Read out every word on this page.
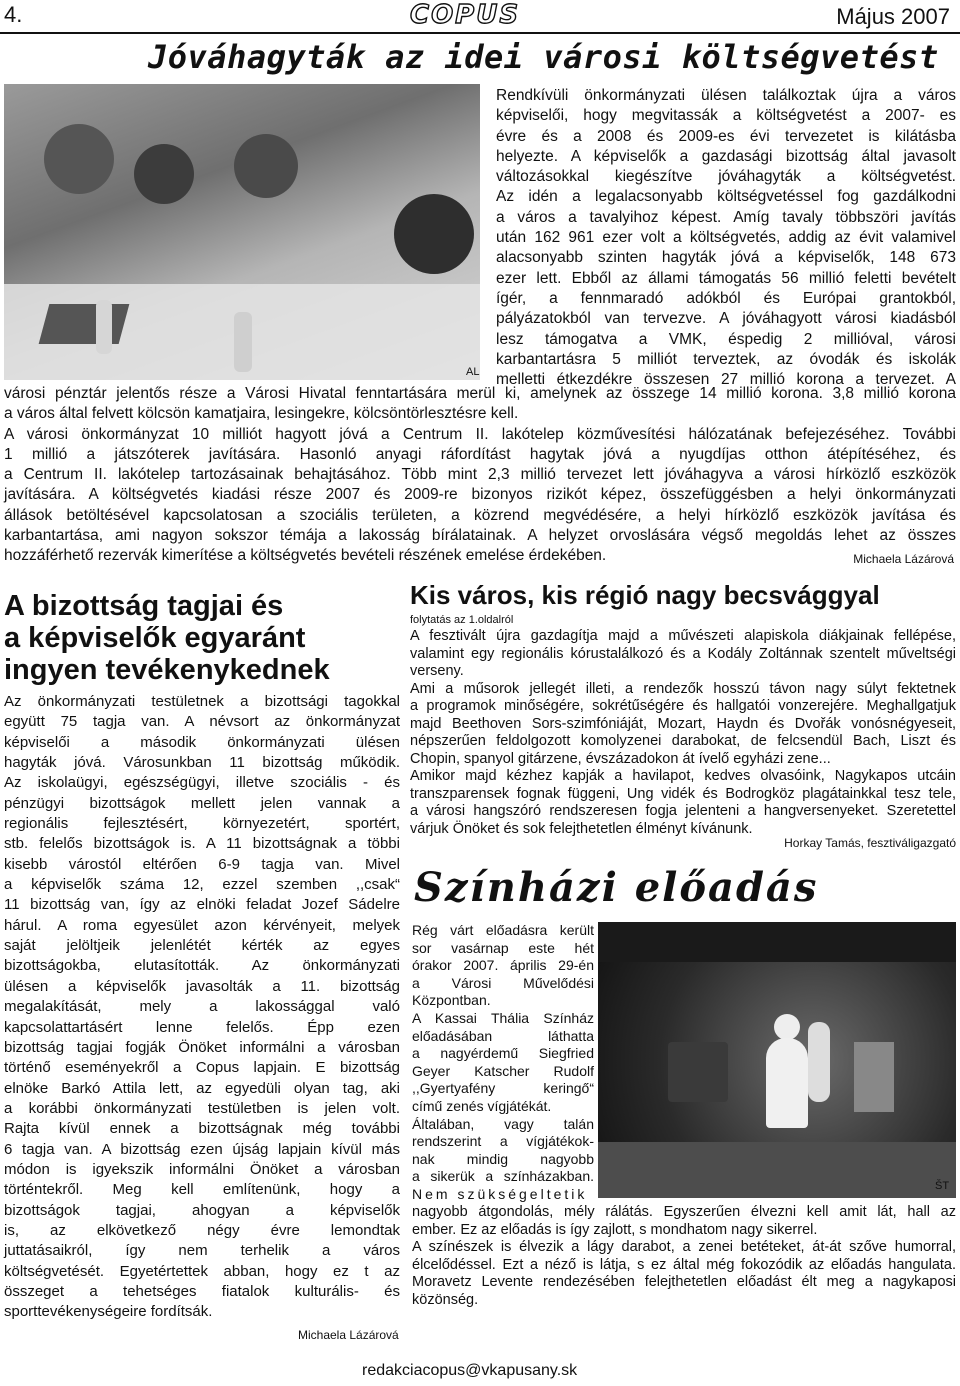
4.	COPUS	Május 2007
Jóváhagyták az idei városi költségvetést
AL

Rendkívüli önkormányzati ülésen találkoztak újra a város

képviselői, hogy megvitassák a költségvetést a 2007- es

évre és a 2008 és 2009-es évi tervezetet is kilátásba

helyezte. A képviselők a gazdasági bizottság által javasolt

változásokkal kiegészítve jóváhagyták a költségvetést.

Az idén a legalacsonyabb költségvetéssel fog gazdálkodni

a város a tavalyihoz képest. Amíg tavaly többszöri javítás

után 162 961 ezer volt a költségvetés, addig az évit valamivel

alacsonyabb szinten hagyták jóvá a képviselők, 148 673

ezer lett. Ebből az állami támogatás 56 millió feletti bevételt

ígér, a fennmaradó adókból és Európai grantokból,

pályázatokból van tervezve. A jóváhagyott városi kiadásból

lesz támogatva a VMK, éspedig 2 millióval, városi

karbantartásra 5 milliót terveztek, az óvodák és iskolák

melletti étkezdékre összesen 27 millió korona a tervezet. A

városi pénztár jelentős része a Városi Hivatal fenntartására merül ki, amelynek az összege 14 millió korona. 3,8 millió korona

a város által felvett kölcsön kamatjaira, lesingekre, kölcsöntörlesztésre kell.

A városi önkormányzat 10 milliót hagyott jóvá a Centrum II. lakótelep közművesítési hálózatának befejezéséhez. További

1 millió a játszóterek javítására. Hasonló anyagi ráfordítást hagytak jóvá a nyugdíjas otthon átépítéséhez, és

a Centrum II. lakótelep tartozásainak behajtásához. Több mint 2,3 millió tervezet lett jóváhagyva a városi hírközlő eszközök

javítására. A költségvetés kiadási része 2007 és 2009-re bizonyos rizikót képez, összefüggésben a helyi önkormányzati

állások betöltésével kapcsolatosan a szociális területen, a közrend megvédésére, a helyi hírközlő eszközök javítása és

karbantartása, ami nagyon sokszor témája a lakosság bírálatainak. A helyzet orvoslására végső megoldás lehet az összes

hozzáférhető rezervák kimerítése a költségvetés bevételi részének emelése érdekében.	Michaela Lázárová
A bizottság tagjai és
a képviselők egyaránt
ingyen tevékenykednek

Az önkormányzati testületnek a bizottsági tagokkal

együtt 75 tagja van. A névsort az önkormányzat

képviselői a második önkormányzati ülésen

hagyták jóvá. Városunkban 11 bizottság működik.

Az iskolaügyi, egészségügyi, illetve szociális - és

pénzügyi bizottságok mellett jelen vannak a

regionális fejlesztésért, környezetért, sportért,

stb. felelős bizottságok is. A 11 bizottságnak a többi

kisebb várostól eltérően 6-9 tagja van. Mivel

a képviselők száma 12, ezzel szemben ,,csak“

11 bizottság van, így az elnöki feladat Jozef Sádelre

hárul. A roma egyesület azon kérvényeit, melyek

saját jelöltjeik jelenlétét kérték az egyes

bizottságokba, elutasították. Az önkormányzati

ülésen a képviselők javasolták a 11. bizottság

megalakítását, mely a lakossággal való

kapcsolattartásért lenne felelős. Épp ezen

bizottság tagjai fogják Önöket informálni a városban

történő eseményekről a Copus lapjain. E bizottság

elnöke Barkó Attila lett, az egyedüli olyan tag, aki

a korábbi önkormányzati testületben is jelen volt.

Rajta kívül ennek a bizottságnak még további

6 tagja van. A bizottság ezen újság lapjain kívül más

módon is igyekszik informálni Önöket a városban

történtekről. Meg kell említenünk, hogy a

bizottságok tagjai, ahogyan a képviselők

is, az elkövetkező négy évre lemondtak

juttatásaikról, így nem terhelik a város

költségvetését. Egyetértettek abban, hogy ez t az

összeget a tehetséges fiatalok kulturális- és

sporttevékenységeire fordítsák.

Michaela Lázárová
Kis város, kis régió nagy becsvággyal
folytatás az 1.oldalról

A fesztivált újra gazdagítja majd a művészeti alapiskola diákjainak fellépése,

valamint egy regionális kórustalálkozó és a Kodály Zoltánnak szentelt műveltségi

verseny.

Ami a műsorok jellegét illeti, a rendezők hosszú távon nagy súlyt fektetnek

a programok minőségére, sokrétűségére és hallgatói vonzerejére. Meghallgatjuk

majd Beethoven Sors-szimfóniáját, Mozart, Haydn és Dvořák vonósnégyeseit,

népszerűen feldolgozott komolyzenei darabokat, de felcsendül Bach, Liszt és

Chopin, spanyol gitárzene, évszázadokon át ívelő egyházi zene...

Amikor majd kézhez kapják a havilapot, kedves olvasóink, Nagykapos utcáin

transzparensek fognak függeni, Ung vidék és Bodrogköz plagátainkkal tesz tele,

a városi hangszóró rendszeresen fogja jelenteni a hangversenyeket. Szeretettel

várjuk Önöket és sok felejthetetlen élményt kívánunk.

Horkay Tamás, fesztiváligazgató
Színházi előadás

Rég várt előadásra került

sor vasárnap este hét

órakor 2007. április 29-én

a Városi Művelődési

Központban.

A Kassai Thália Színház

előadásában láthatta

a nagyérdemű Siegfried

Geyer Katscher Rudolf

,,Gyertyafény keringő“

című zenés vígjátékát.

Általában, vagy talán

rendszerint a vígjátékok-

nak mindig nagyobb

a sikerük a színházakban.

Nem szükségeltetik	ŠT

nagyobb átgondolás, mély rálátás. Egyszerűen élvezni kell amit lát, hall az

ember. Ez az előadás is így zajlott, s mondhatom nagy sikerrel.

A színészek is élvezik a lágy darabot, a zenei betéteket, át-át szőve humorral,

élcelődéssel. Ezt a néző is látja, s ez által még fokozódik az előadás hangulata.

Moravetz Levente rendezésében felejthetetlen előadást élt meg a nagykaposi

közönség.

redakciacopus@vkapusany.sk
